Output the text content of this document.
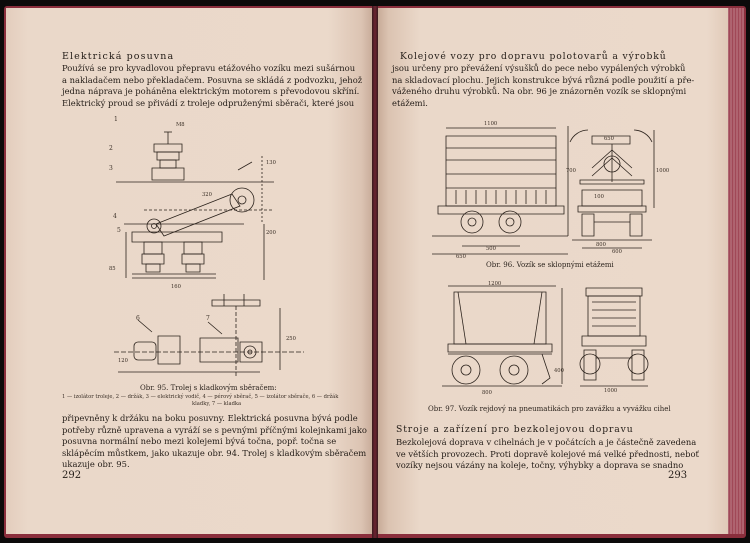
Elektrická posuvna
Používá se pro kyvadlovou přepravu etážového vozíku mezi sušárnou
a nakladačem nebo překladačem. Posuvna se skládá z podvozku, jehož
jedna náprava je poháněna elektrickým motorem s převodovou skříní.
Elektrický proud se přivádí z troleje odpruženými sběrači, které jsou
1
2
3
4
5
6	7
M8
130
320
200
160
120
250
85
Obr. 95. Trolej s kladkovým sběračem:
1 — izolátor troleje, 2 — držák, 3 — elektrický vodič, 4 — pérový sběrač, 5 — izolátor sběrače, 6 — držák
kladky, 7 — kladka
připevněny k držáku na boku posuvny. Elektrická posuvna bývá podle
potřeby různě upravena a vyráží se s pevnými příčnými kolejnkami jako
posuvna normální nebo mezi kolejemi bývá točna, popř. točna se
sklápěcím můstkem, jako ukazuje obr. 94. Trolej s kladkovým sběračem
ukazuje obr. 95.
292
Kolejové vozy pro dopravu polotovarů a výrobků
jsou určeny pro převážení výsušků do pece nebo vypálených výrobků
na skladovací plochu. Jejich konstrukce bývá různá podle použití a pře-
váženého druhu výrobků. Na obr. 96 je znázorněn vozík se sklopnými
etážemi.
1100
500
650
700
650
1000
800
600
100
Obr. 96. Vozík se sklopnými etážemi
1200
800	1000
400
Obr. 97. Vozík rejdový na pneumatikách pro zavážku a vyvážku cihel
Stroje a zařízení pro bezkolejovou dopravu
Bezkolejová doprava v cihelnách je v počátcích a je částečně zavedena
ve větších provozech. Proti dopravě kolejové má velké přednosti, neboť
vozíky nejsou vázány na koleje, točny, výhybky a doprava se snadno
293
